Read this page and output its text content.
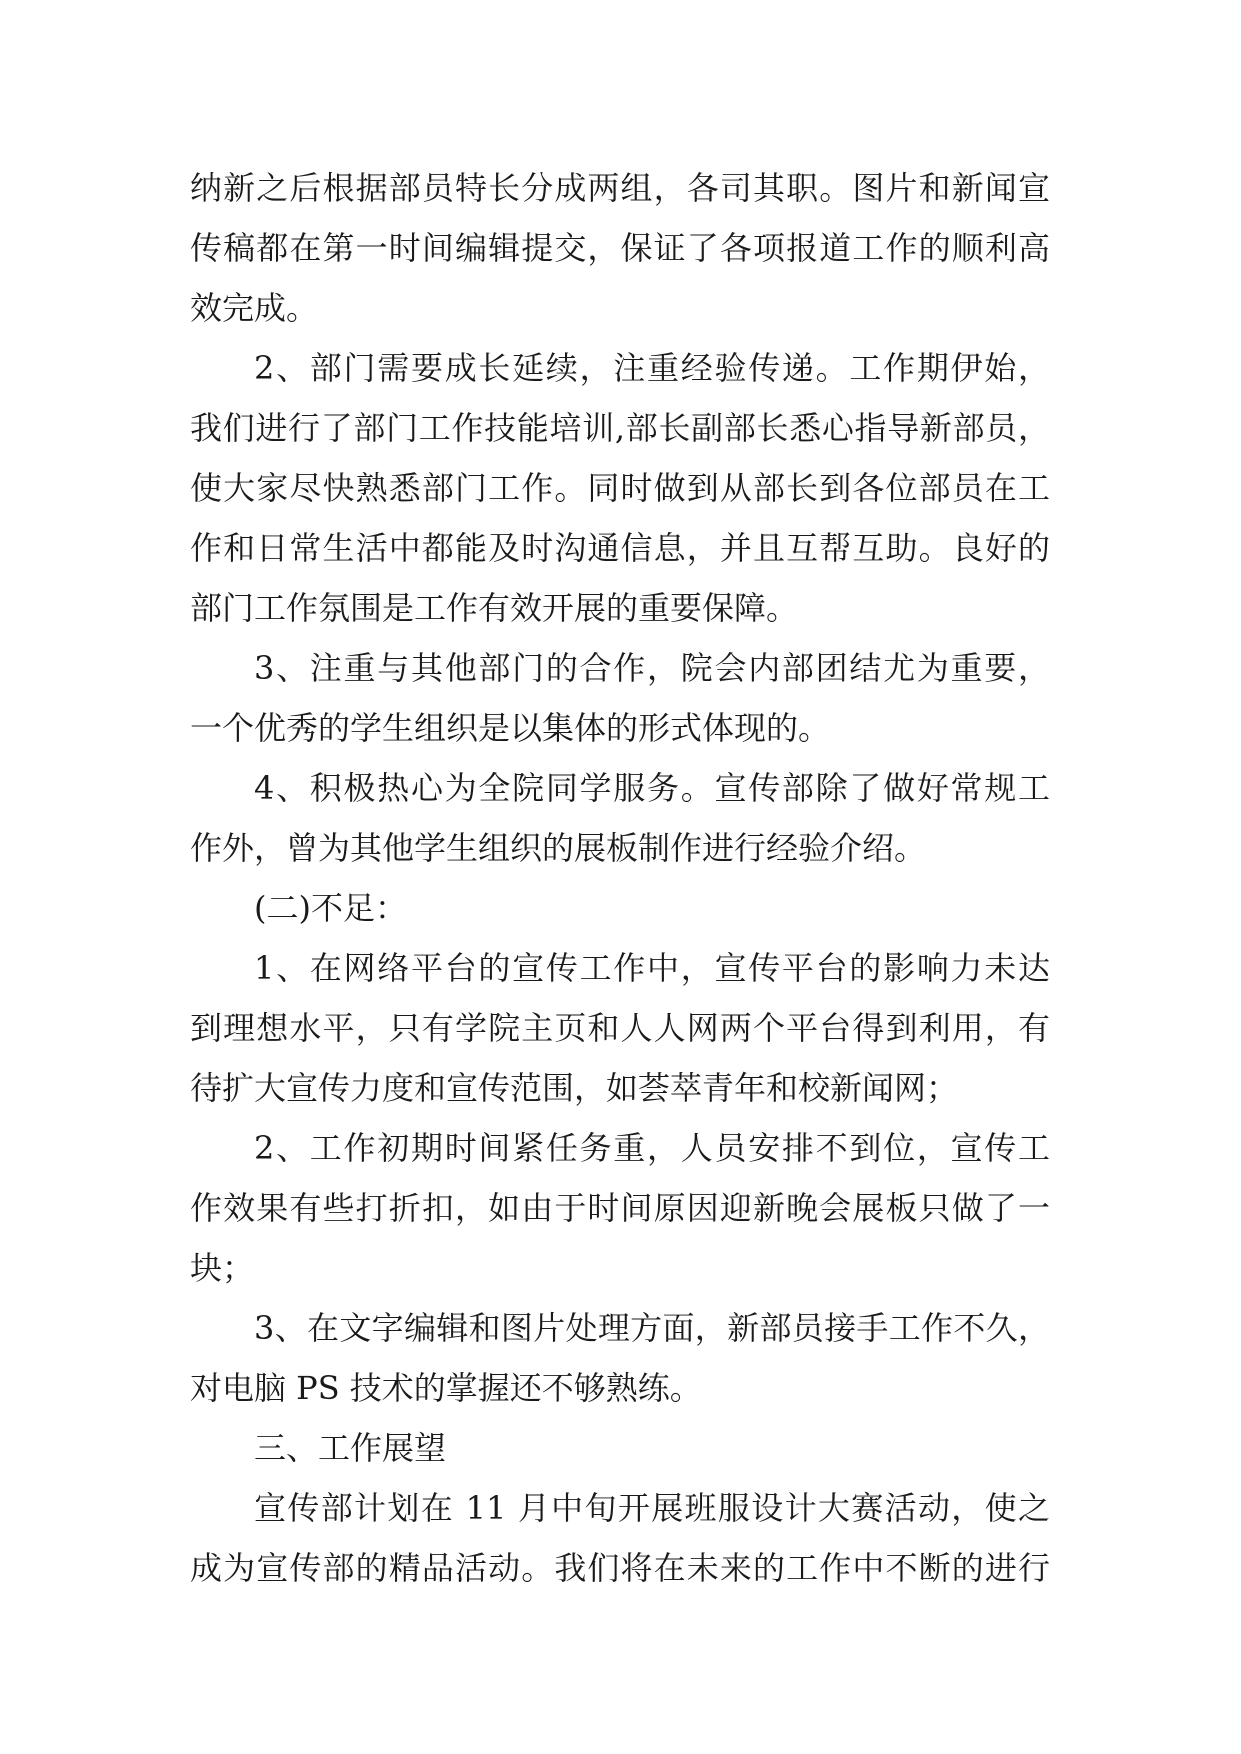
纳新之后根据部员特长分成两组，各司其职。图片和新闻宣
传稿都在第一时间编辑提交，保证了各项报道工作的顺利高
效完成。
2、部门需要成长延续，注重经验传递。工作期伊始，
我们进行了部门工作技能培训,部长副部长悉心指导新部员，
使大家尽快熟悉部门工作。同时做到从部长到各位部员在工
作和日常生活中都能及时沟通信息，并且互帮互助。良好的
部门工作氛围是工作有效开展的重要保障。
3、注重与其他部门的合作，院会内部团结尤为重要，
一个优秀的学生组织是以集体的形式体现的。
4、积极热心为全院同学服务。宣传部除了做好常规工
作外，曾为其他学生组织的展板制作进行经验介绍。
(二)不足：
1、在网络平台的宣传工作中，宣传平台的影响力未达
到理想水平，只有学院主页和人人网两个平台得到利用，有
待扩大宣传力度和宣传范围，如荟萃青年和校新闻网；
2、工作初期时间紧任务重，人员安排不到位，宣传工
作效果有些打折扣，如由于时间原因迎新晚会展板只做了一
块；
3、在文字编辑和图片处理方面，新部员接手工作不久，
对电脑 PS 技术的掌握还不够熟练。
三、工作展望
宣传部计划在 11 月中旬开展班服设计大赛活动，使之
成为宣传部的精品活动。我们将在未来的工作中不断的进行
